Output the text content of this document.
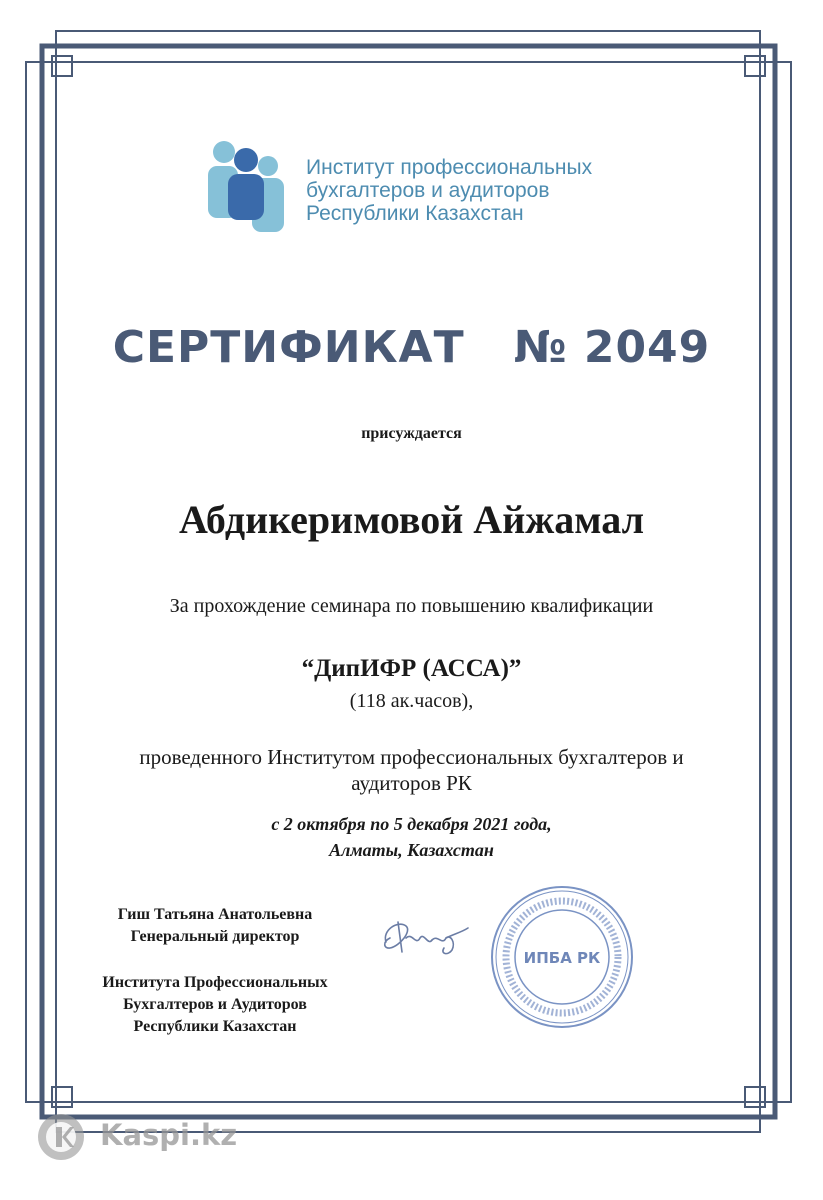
Институт профессиональных
бухгалтеров и аудиторов
Республики Казахстан
СЕРТИФИКАТ   № 2049
присуждается
Абдикеримовой Айжамал
За прохождение семинара по повышению квалификации
“ДипИФР (АССА)”
(118 ак.часов),
проведенного Институтом профессиональных бухгалтеров и
аудиторов РК
с 2 октября по 5 декабря 2021 года,
Алматы, Казахстан
Гиш Татьяна Анатольевна
Генеральный директор
Института Профессиональных
Бухгалтеров и Аудиторов
Республики Казахстан
ИПБА РК
Kaspi.kz
